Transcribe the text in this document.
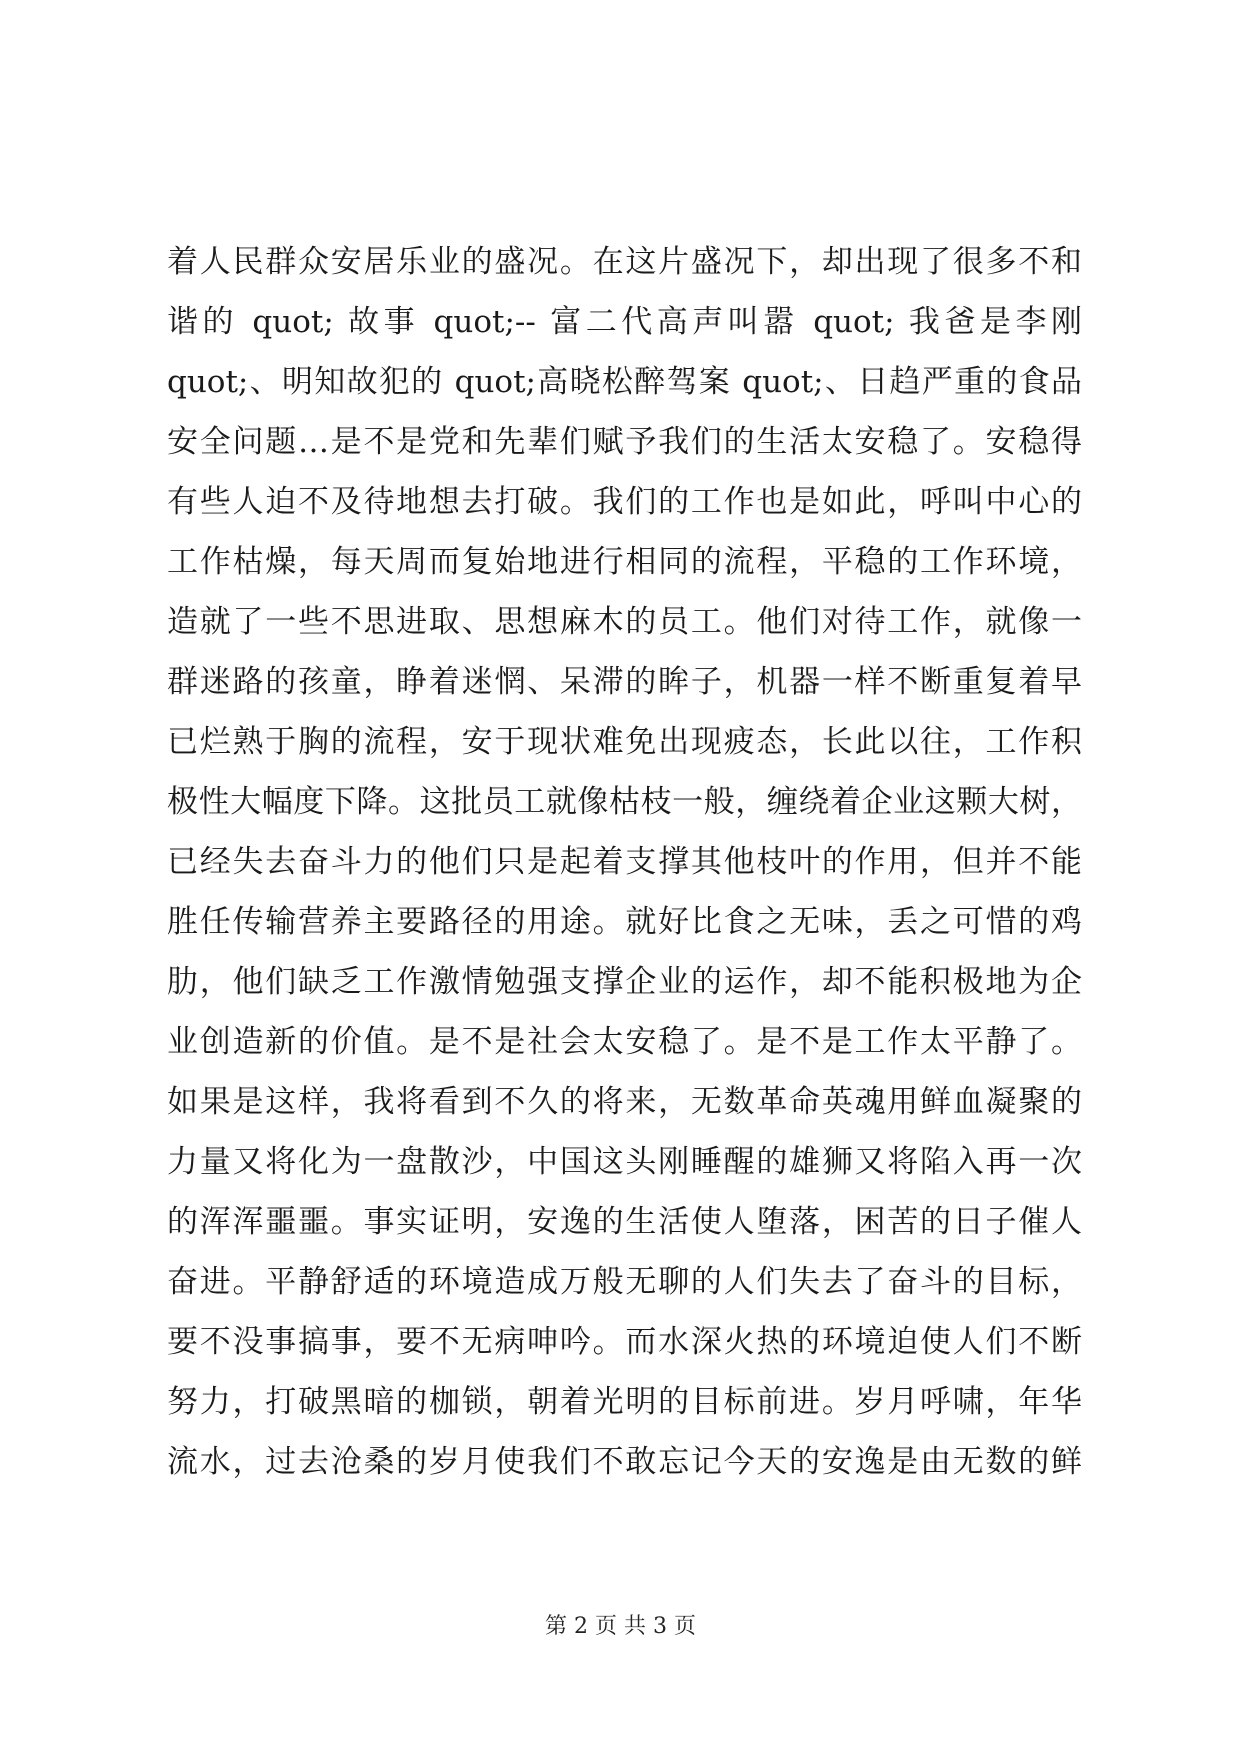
着人民群众安居乐业的盛况。在这片盛况下，却出现了很多不和
谐的 quot; 故事 quot;-- 富二代高声叫嚣 quot; 我爸是李刚
quot;、明知故犯的 quot;高晓松醉驾案 quot;、日趋严重的食品
安全问题…是不是党和先辈们赋予我们的生活太安稳了。安稳得
有些人迫不及待地想去打破。我们的工作也是如此，呼叫中心的
工作枯燥，每天周而复始地进行相同的流程，平稳的工作环境，
造就了一些不思进取、思想麻木的员工。他们对待工作，就像一
群迷路的孩童，睁着迷惘、呆滞的眸子，机器一样不断重复着早
已烂熟于胸的流程，安于现状难免出现疲态，长此以往，工作积
极性大幅度下降。这批员工就像枯枝一般，缠绕着企业这颗大树，
已经失去奋斗力的他们只是起着支撑其他枝叶的作用，但并不能
胜任传输营养主要路径的用途。就好比食之无味，丢之可惜的鸡
肋，他们缺乏工作激情勉强支撑企业的运作，却不能积极地为企
业创造新的价值。是不是社会太安稳了。是不是工作太平静了。
如果是这样，我将看到不久的将来，无数革命英魂用鲜血凝聚的
力量又将化为一盘散沙，中国这头刚睡醒的雄狮又将陷入再一次
的浑浑噩噩。事实证明，安逸的生活使人堕落，困苦的日子催人
奋进。平静舒适的环境造成万般无聊的人们失去了奋斗的目标，
要不没事搞事，要不无病呻吟。而水深火热的环境迫使人们不断
努力，打破黑暗的枷锁，朝着光明的目标前进。岁月呼啸，年华
流水，过去沧桑的岁月使我们不敢忘记今天的安逸是由无数的鲜
第 2 页 共 3 页
